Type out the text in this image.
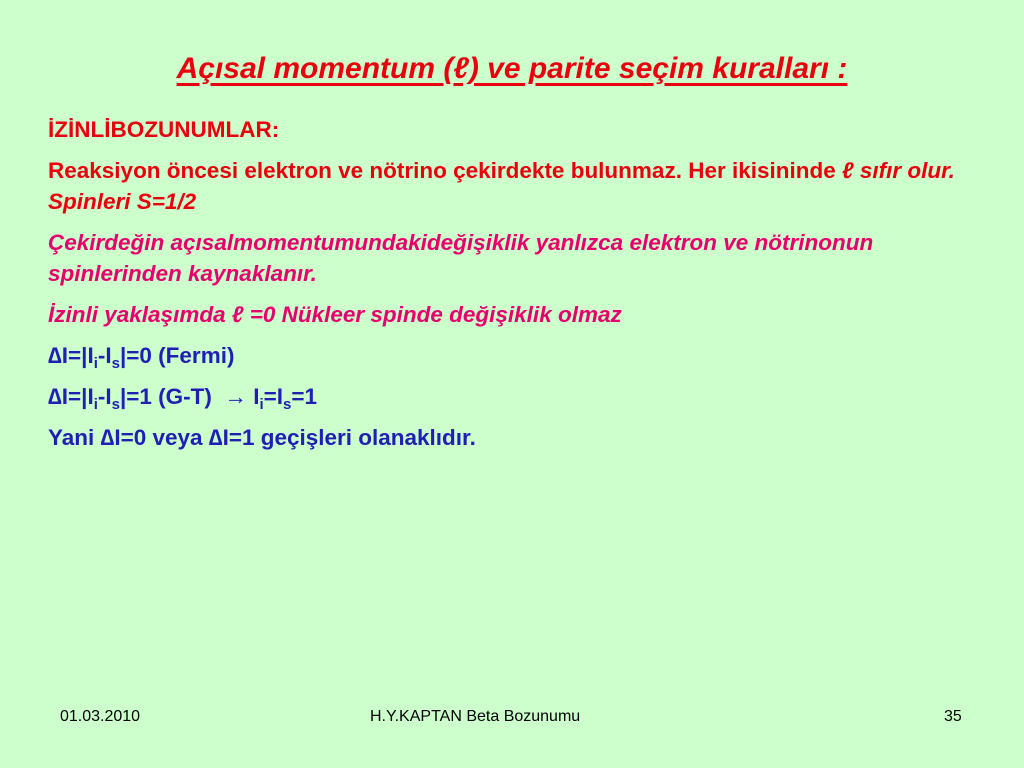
Açısal momentum (ℓ) ve parite seçim kuralları :
İZİNLİBOZUNUMLAR:
Reaksiyon öncesi elektron ve nötrino çekirdekte bulunmaz. Her ikisininde ℓ sıfır olur. Spinleri S=1/2
Çekirdeğin açısalmomentumundakideğişiklik yanlızca elektron ve nötrinonun spinlerinden kaynaklanır.
İzinli yaklaşımda ℓ =0 Nükleer spinde değişiklik olmaz
$\Delta I=|I_i-I_s|=0$ (Fermi)
$\Delta I=|I_i-I_s|=1$ $(G-T) \to I_i=I_s=1$
Yani ∆I=0 veya ∆I=1 geçişleri olanaklıdır.
01.03.2010	H.Y.KAPTAN Beta Bozunumu	35
